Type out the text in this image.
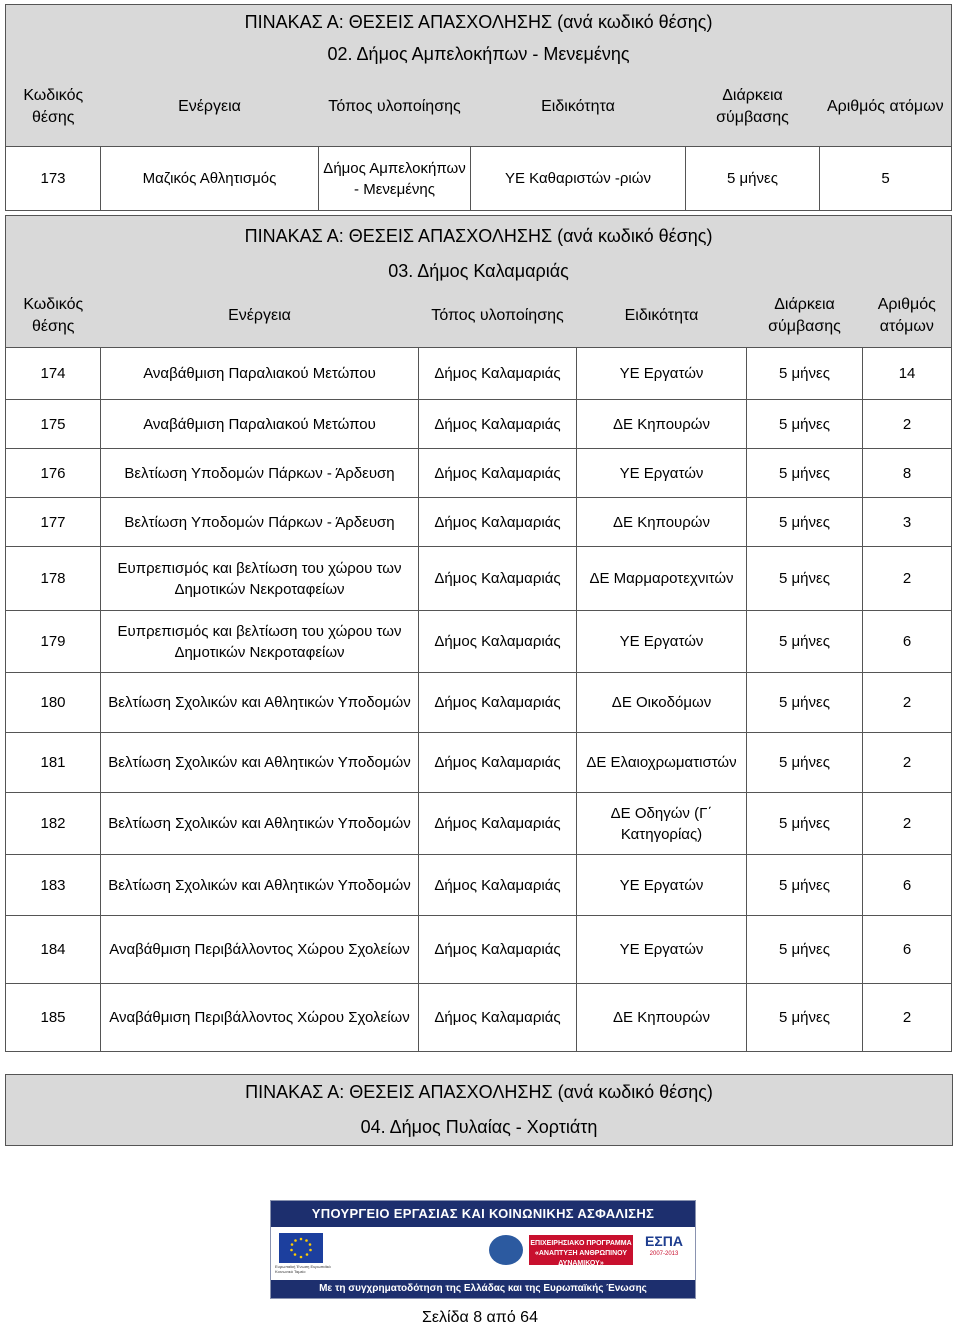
ΠΙΝΑΚΑΣ Α: ΘΕΣΕΙΣ ΑΠΑΣΧΟΛΗΣΗΣ (ανά κωδικό θέσης)					
02. Δήμος Αμπελοκήπων - Μενεμένης					
Κωδικός θέσης	Ενέργεια	Τόπος υλοποίησης	Ειδικότητα	Διάρκεια σύμβασης	Αριθμός ατόμων
173	Μαζικός Αθλητισμός	Δήμος Αμπελοκήπων - Μενεμένης	ΥΕ Καθαριστών -ριών	5 μήνες	5
ΠΙΝΑΚΑΣ Α: ΘΕΣΕΙΣ ΑΠΑΣΧΟΛΗΣΗΣ (ανά κωδικό θέσης)					
03. Δήμος Καλαμαριάς					
Κωδικός θέσης	Ενέργεια	Τόπος υλοποίησης	Ειδικότητα	Διάρκεια σύμβασης	Αριθμός ατόμων
174	Αναβάθμιση Παραλιακού Μετώπου	Δήμος Καλαμαριάς	ΥΕ Εργατών	5 μήνες	14
175	Αναβάθμιση Παραλιακού Μετώπου	Δήμος Καλαμαριάς	ΔΕ Κηπουρών	5 μήνες	2
176	Βελτίωση Υποδομών Πάρκων - Άρδευση	Δήμος Καλαμαριάς	ΥΕ Εργατών	5 μήνες	8
177	Βελτίωση Υποδομών Πάρκων - Άρδευση	Δήμος Καλαμαριάς	ΔΕ Κηπουρών	5 μήνες	3
178	Ευπρεπισμός και βελτίωση του χώρου των Δημοτικών Νεκροταφείων	Δήμος Καλαμαριάς	ΔΕ Μαρμαροτεχνιτών	5 μήνες	2
179	Ευπρεπισμός και βελτίωση του χώρου των Δημοτικών Νεκροταφείων	Δήμος Καλαμαριάς	ΥΕ Εργατών	5 μήνες	6
180	Βελτίωση Σχολικών και Αθλητικών Υποδομών	Δήμος Καλαμαριάς	ΔΕ Οικοδόμων	5 μήνες	2
181	Βελτίωση Σχολικών και Αθλητικών Υποδομών	Δήμος Καλαμαριάς	ΔΕ Ελαιοχρωματιστών	5 μήνες	2
182	Βελτίωση Σχολικών και Αθλητικών Υποδομών	Δήμος Καλαμαριάς	ΔΕ Οδηγών (Γ΄ Κατηγορίας)	5 μήνες	2
183	Βελτίωση Σχολικών και Αθλητικών Υποδομών	Δήμος Καλαμαριάς	ΥΕ Εργατών	5 μήνες	6
184	Αναβάθμιση Περιβάλλοντος Χώρου Σχολείων	Δήμος Καλαμαριάς	ΥΕ Εργατών	5 μήνες	6
185	Αναβάθμιση Περιβάλλοντος Χώρου Σχολείων	Δήμος Καλαμαριάς	ΔΕ Κηπουρών	5 μήνες	2
ΠΙΝΑΚΑΣ Α: ΘΕΣΕΙΣ ΑΠΑΣΧΟΛΗΣΗΣ (ανά κωδικό θέσης)
04. Δήμος Πυλαίας - Χορτιάτη
ΥΠΟΥΡΓΕΙΟ ΕΡΓΑΣΙΑΣ ΚΑΙ ΚΟΙΝΩΝΙΚΗΣ ΑΣΦΑΛΙΣΗΣ
Ευρωπαϊκή Ένωση Ευρωπαϊκό Κοινωνικό Ταμείο
ΕΠΙΧΕΙΡΗΣΙΑΚΟ ΠΡΟΓΡΑΜΜΑ «ΑΝΑΠΤΥΞΗ ΑΝΘΡΩΠΙΝΟΥ ΔΥΝΑΜΙΚΟΥ»
ΕΣΠΑ
2007-2013
Με τη συγχρηματοδότηση της Ελλάδας και της Ευρωπαϊκής Ένωσης
Σελίδα 8 από 64
